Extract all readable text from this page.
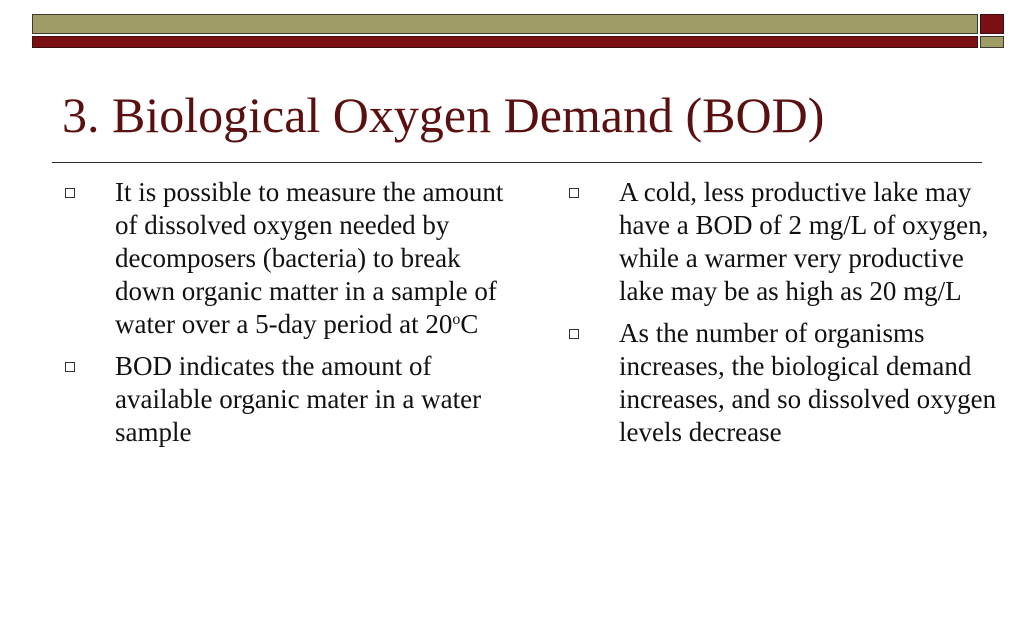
3. Biological Oxygen Demand (BOD)
It is possible to measure the amount of dissolved oxygen needed by decomposers (bacteria) to break down organic matter in a sample of water over a 5-day period at 20$^o$C
BOD indicates the amount of available organic mater in a water sample
A cold, less productive lake may have a BOD of 2 mg/L of oxygen, while a warmer very productive lake may be as high as 20 mg/L
As the number of organisms increases, the biological demand increases, and so dissolved oxygen levels decrease
